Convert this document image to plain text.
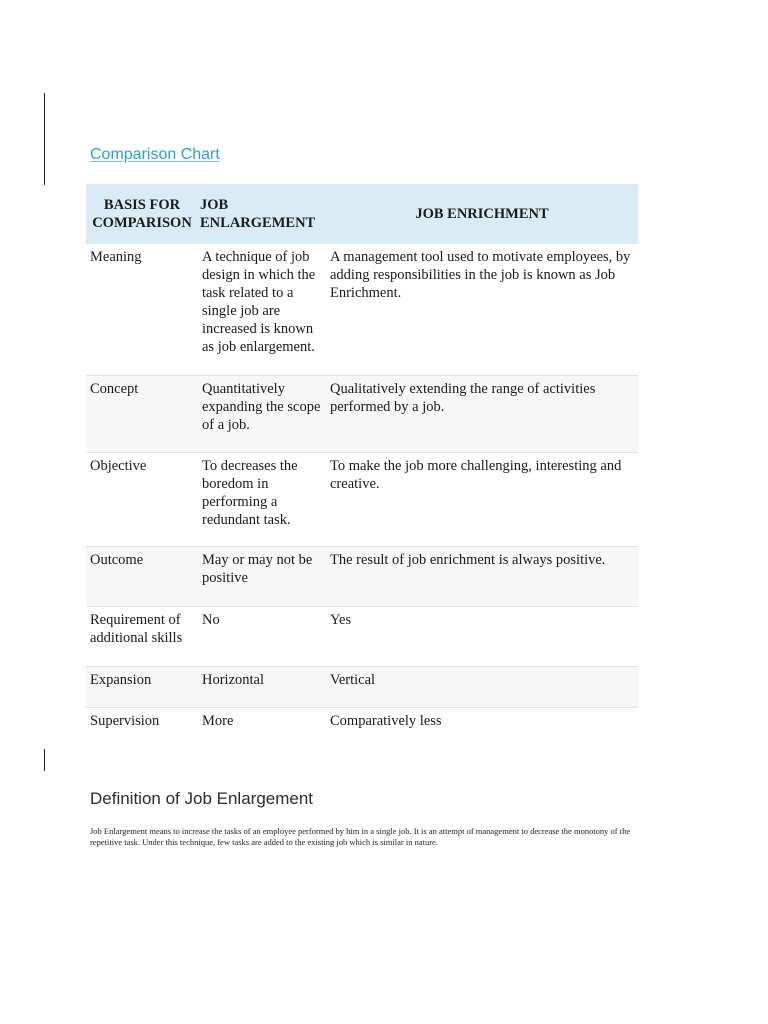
Comparison Chart
BASIS FOR COMPARISON	JOB ENLARGEMENT	JOB ENRICHMENT
Meaning	A technique of job design in which the task related to a single job are increased is known as job enlargement.	A management tool used to motivate employees, by adding responsibilities in the job is known as Job Enrichment.
Concept	Quantitatively expanding the scope of a job.	Qualitatively extending the range of activities performed by a job.
Objective	To decreases the boredom in performing a redundant task.	To make the job more challenging, interesting and creative.
Outcome	May or may not be positive	The result of job enrichment is always positive.
Requirement of additional skills	No	Yes
Expansion	Horizontal	Vertical
Supervision	More	Comparatively less
Definition of Job Enlargement
Job Enlargement means to increase the tasks of an employee performed by him in a single job. It is an attempt of management to decrease the monotony of the repetitive task. Under this technique, few tasks are added to the existing job which is similar in nature.
